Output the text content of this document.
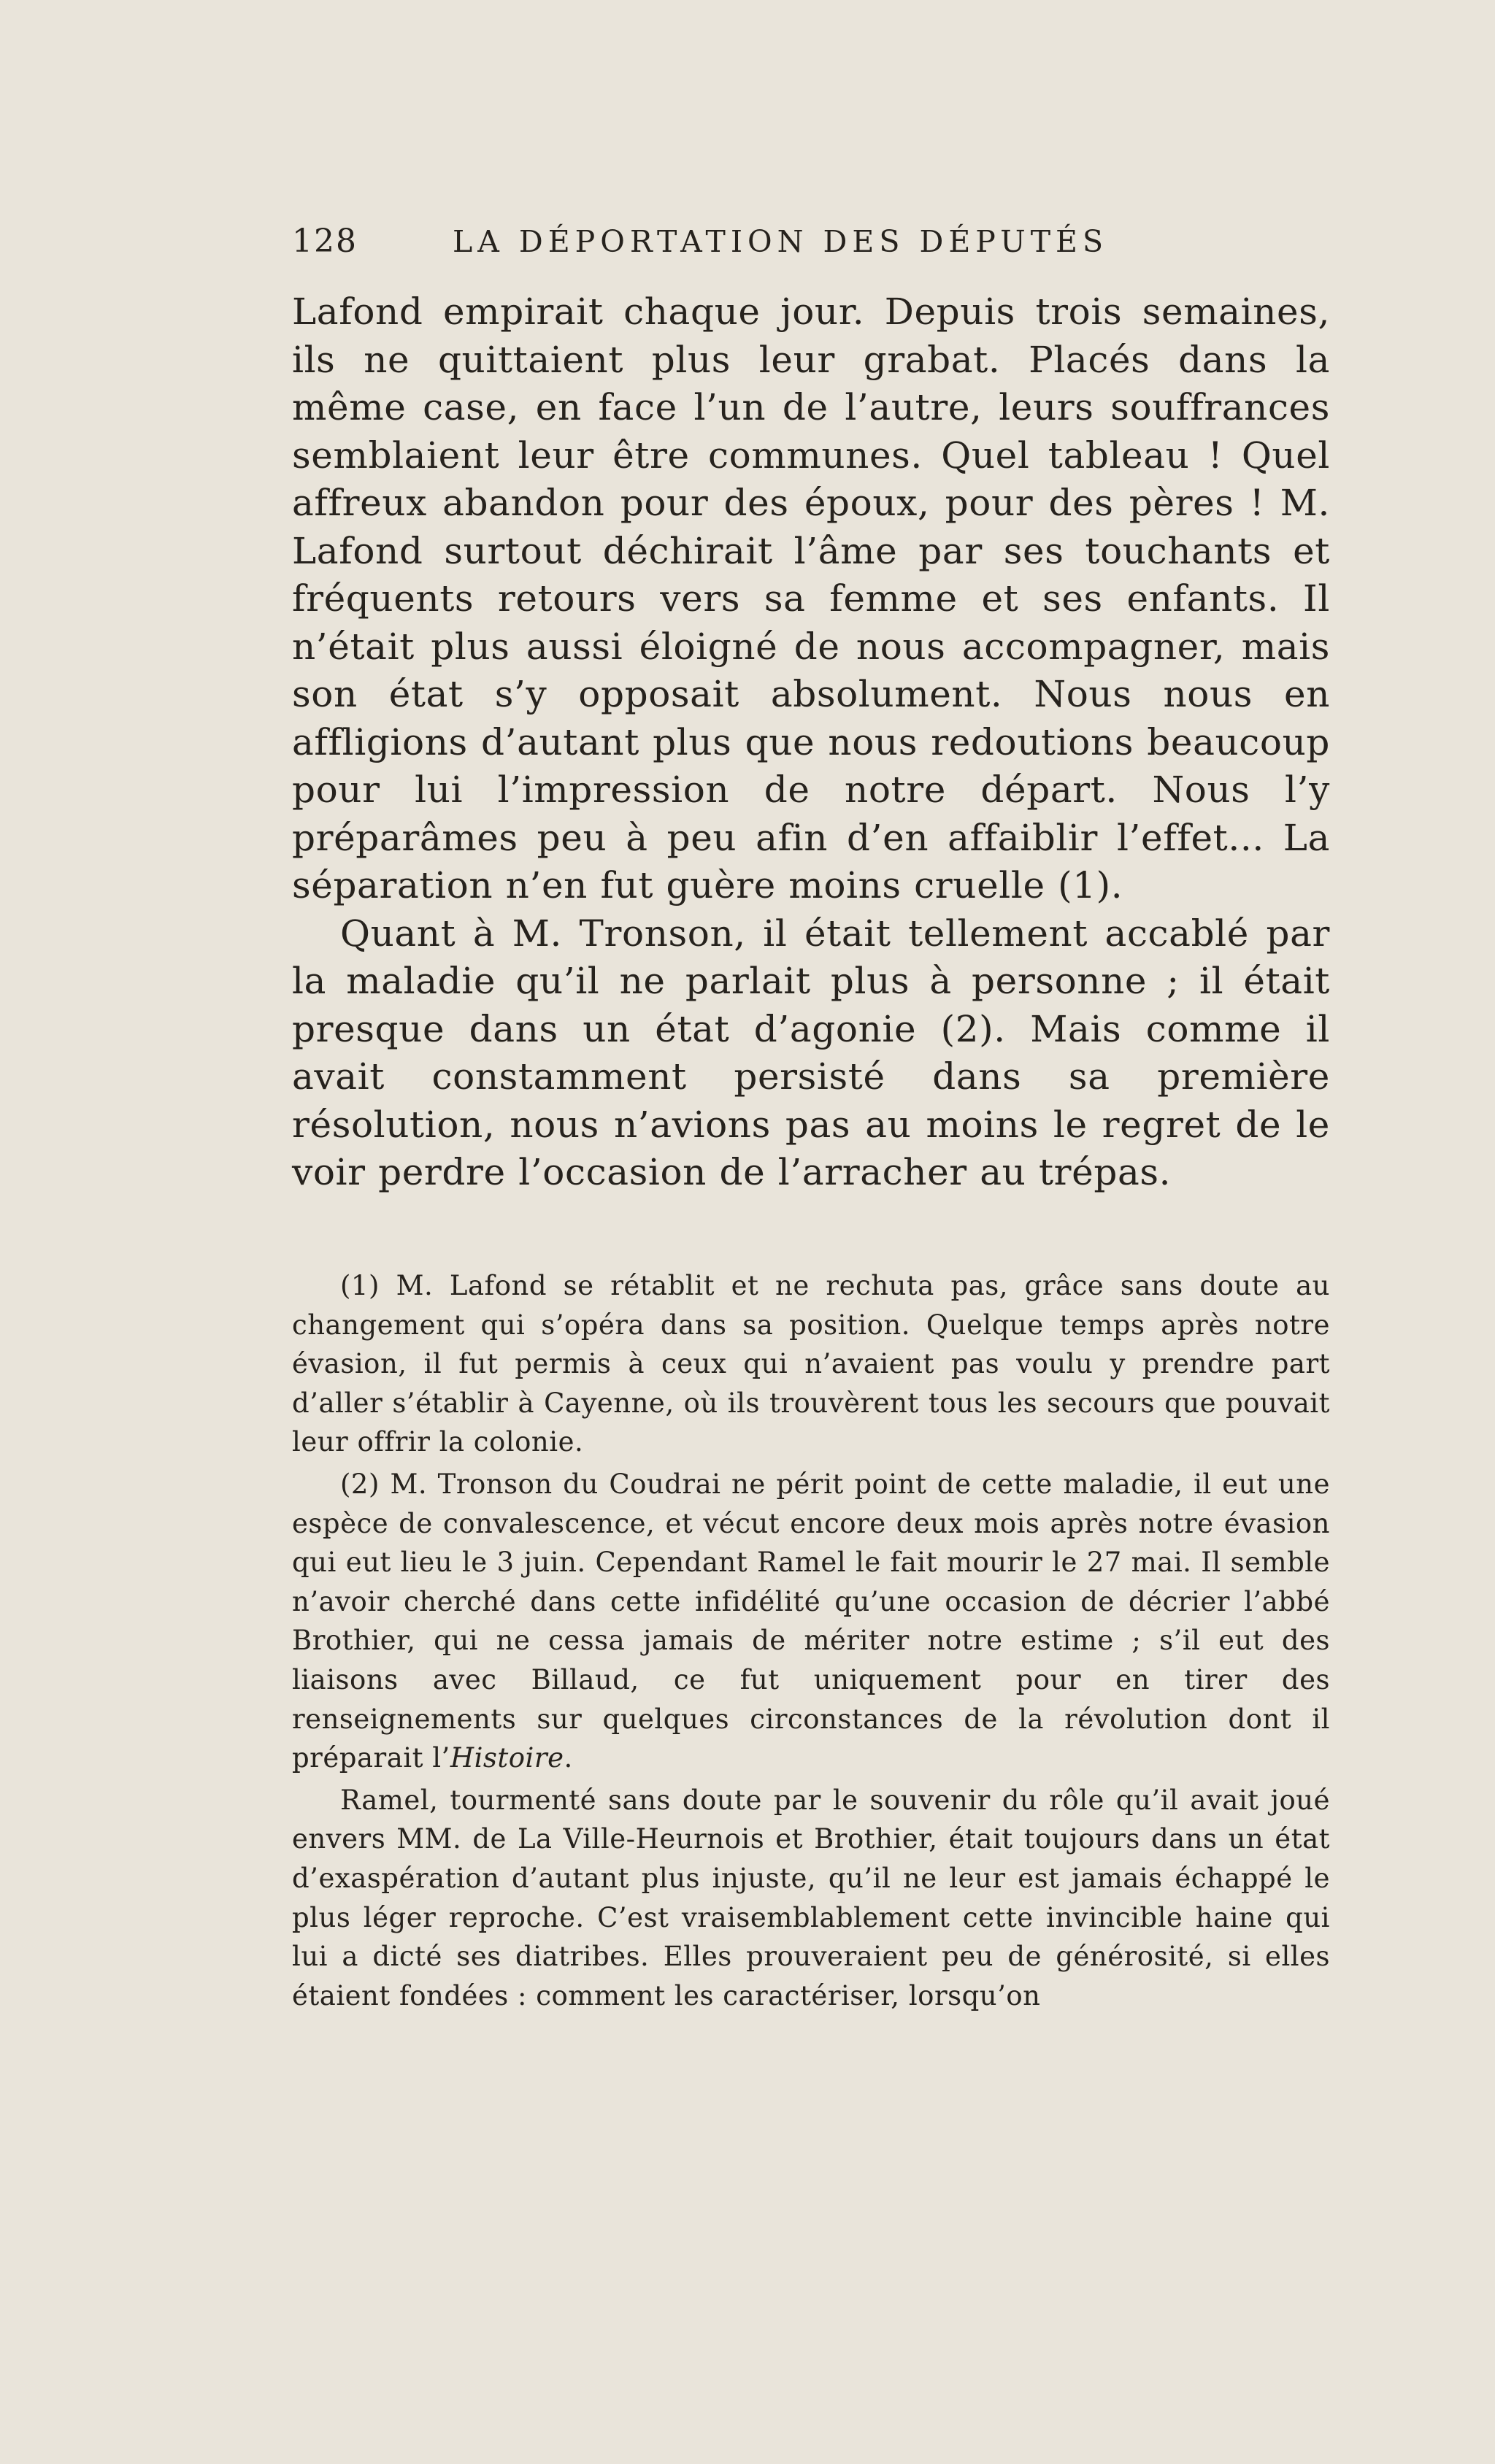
128	LA DÉPORTATION DES DÉPUTÉS

Lafond empirait chaque jour. Depuis trois semaines, ils ne quittaient plus leur grabat. Placés dans la même case, en face l’un de l’autre, leurs souffrances semblaient leur être communes. Quel tableau ! Quel affreux abandon pour des époux, pour des pères ! M. Lafond surtout déchirait l’âme par ses touchants et fréquents retours vers sa femme et ses enfants. Il n’était plus aussi éloigné de nous accompagner, mais son état s’y opposait absolument. Nous nous en affligions d’autant plus que nous redoutions beaucoup pour lui l’impression de notre départ. Nous l’y préparâmes peu à peu afin d’en affaiblir l’effet... La séparation n’en fut guère moins cruelle (1).

Quant à M. Tronson, il était tellement accablé par la maladie qu’il ne parlait plus à personne ; il était presque dans un état d’agonie (2). Mais comme il avait constamment persisté dans sa première résolution, nous n’avions pas au moins le regret de le voir perdre l’occasion de l’arracher au trépas.

(1) M. Lafond se rétablit et ne rechuta pas, grâce sans doute au changement qui s’opéra dans sa position. Quelque temps après notre évasion, il fut permis à ceux qui n’avaient pas voulu y prendre part d’aller s’établir à Cayenne, où ils trouvèrent tous les secours que pouvait leur offrir la colonie.

(2) M. Tronson du Coudrai ne périt point de cette maladie, il eut une espèce de convalescence, et vécut encore deux mois après notre évasion qui eut lieu le 3 juin. Cependant Ramel le fait mourir le 27 mai. Il semble n’avoir cherché dans cette infidélité qu’une occasion de décrier l’abbé Brothier, qui ne cessa jamais de mériter notre estime ; s’il eut des liaisons avec Billaud, ce fut uniquement pour en tirer des renseignements sur quelques circonstances de la révolution dont il préparait l’Histoire.

Ramel, tourmenté sans doute par le souvenir du rôle qu’il avait joué envers MM. de La Ville-Heurnois et Brothier, était toujours dans un état d’exaspération d’autant plus injuste, qu’il ne leur est jamais échappé le plus léger reproche. C’est vraisemblablement cette invincible haine qui lui a dicté ses diatribes. Elles prouveraient peu de générosité, si elles étaient fondées : comment les caractériser, lorsqu’on
